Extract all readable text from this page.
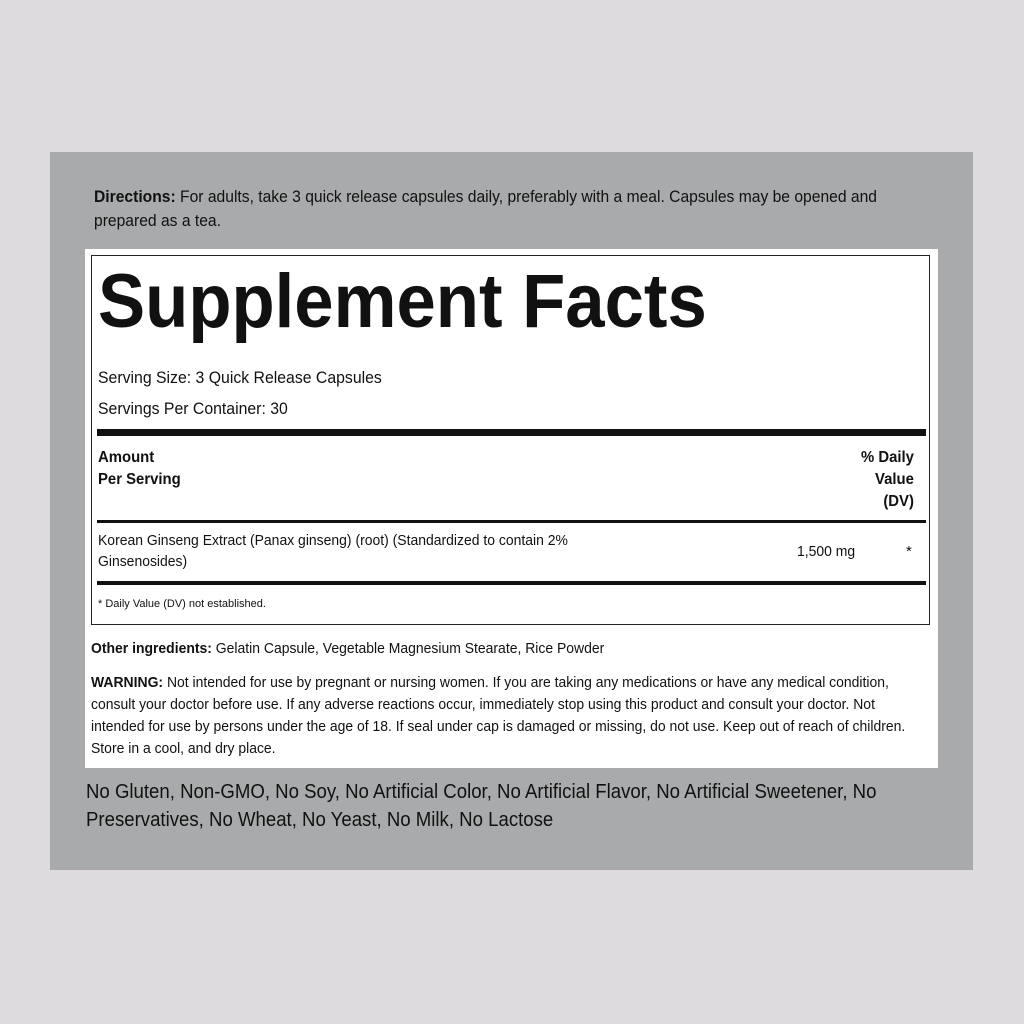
Directions: For adults, take 3 quick release capsules daily, preferably with a meal. Capsules may be opened and prepared as a tea.
Supplement Facts
Serving Size: 3 Quick Release Capsules
Servings Per Container: 30
Amount
Per Serving
% Daily
Value
(DV)
Korean Ginseng Extract (Panax ginseng) (root) (Standardized to contain 2% Ginsenosides)
1,500 mg	*
* Daily Value (DV) not established.
Other ingredients: Gelatin Capsule, Vegetable Magnesium Stearate, Rice Powder
WARNING: Not intended for use by pregnant or nursing women. If you are taking any medications or have any medical condition, consult your doctor before use. If any adverse reactions occur, immediately stop using this product and consult your doctor. Not intended for use by persons under the age of 18. If seal under cap is damaged or missing, do not use. Keep out of reach of children. Store in a cool, and dry place.
No Gluten, Non-GMO, No Soy, No Artificial Color, No Artificial Flavor, No Artificial Sweetener, No Preservatives, No Wheat, No Yeast, No Milk, No Lactose
